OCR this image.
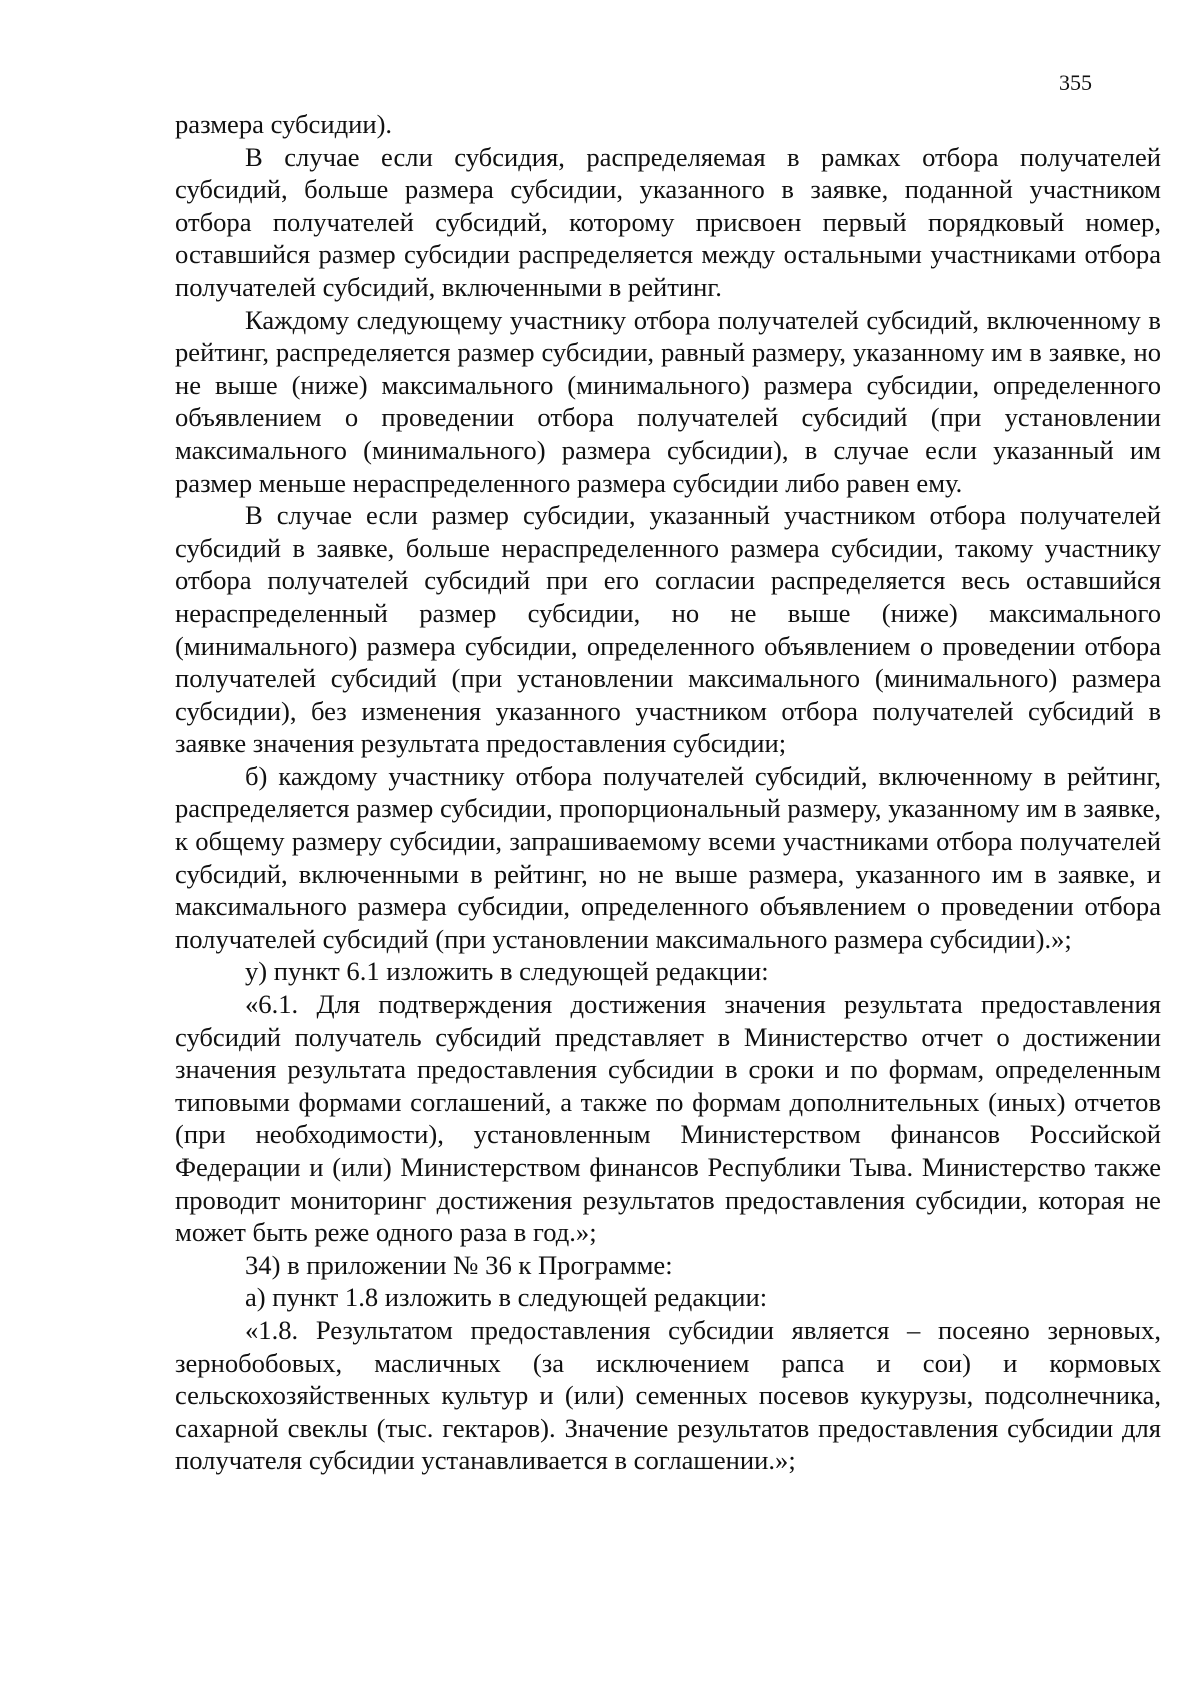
355

размера субсидии).

В случае если субсидия, распределяемая в рамках отбора получателей субсидий, больше размера субсидии, указанного в заявке, поданной участником отбора получателей субсидий, которому присвоен первый порядковый номер, оставшийся размер субсидии распределяется между остальными участниками отбора получателей субсидий, включенными в рейтинг.

Каждому следующему участнику отбора получателей субсидий, включенному в рейтинг, распределяется размер субсидии, равный размеру, указанному им в заявке, но не выше (ниже) максимального (минимального) размера субсидии, определенного объявлением о проведении отбора получателей субсидий (при установлении максимального (минимального) размера субсидии), в случае если указанный им размер меньше нераспределенного размера субсидии либо равен ему.

В случае если размер субсидии, указанный участником отбора получателей субсидий в заявке, больше нераспределенного размера субсидии, такому участнику отбора получателей субсидий при его согласии распределяется весь оставшийся нераспределенный размер субсидии, но не выше (ниже) максимального (минимального) размера субсидии, определенного объявлением о проведении отбора получателей субсидий (при установлении максимального (минимального) размера субсидии), без изменения указанного участником отбора получателей субсидий в заявке значения результата предоставления субсидии;

б) каждому участнику отбора получателей субсидий, включенному в рейтинг, распределяется размер субсидии, пропорциональный размеру, указанному им в заявке, к общему размеру субсидии, запрашиваемому всеми участниками отбора получателей субсидий, включенными в рейтинг, но не выше размера, указанного им в заявке, и максимального размера субсидии, определенного объявлением о проведении отбора получателей субсидий (при установлении максимального размера субсидии).»;

у) пункт 6.1 изложить в следующей редакции:

«6.1. Для подтверждения достижения значения результата предоставления субсидий получатель субсидий представляет в Министерство отчет о достижении значения результата предоставления субсидии в сроки и по формам, определенным типовыми формами соглашений, а также по формам дополнительных (иных) отчетов (при необходимости), установленным Министерством финансов Российской Федерации и (или) Министерством финансов Республики Тыва. Министерство также проводит мониторинг достижения результатов предоставления субсидии, которая не может быть реже одного раза в год.»;

34) в приложении № 36 к Программе:

а) пункт 1.8 изложить в следующей редакции:

«1.8. Результатом предоставления субсидии является – посеяно зерновых, зернобобовых, масличных (за исключением рапса и сои) и кормовых сельскохозяйственных культур и (или) семенных посевов кукурузы, подсолнечника, сахарной свеклы (тыс. гектаров). Значение результатов предоставления субсидии для получателя субсидии устанавливается в соглашении.»;
